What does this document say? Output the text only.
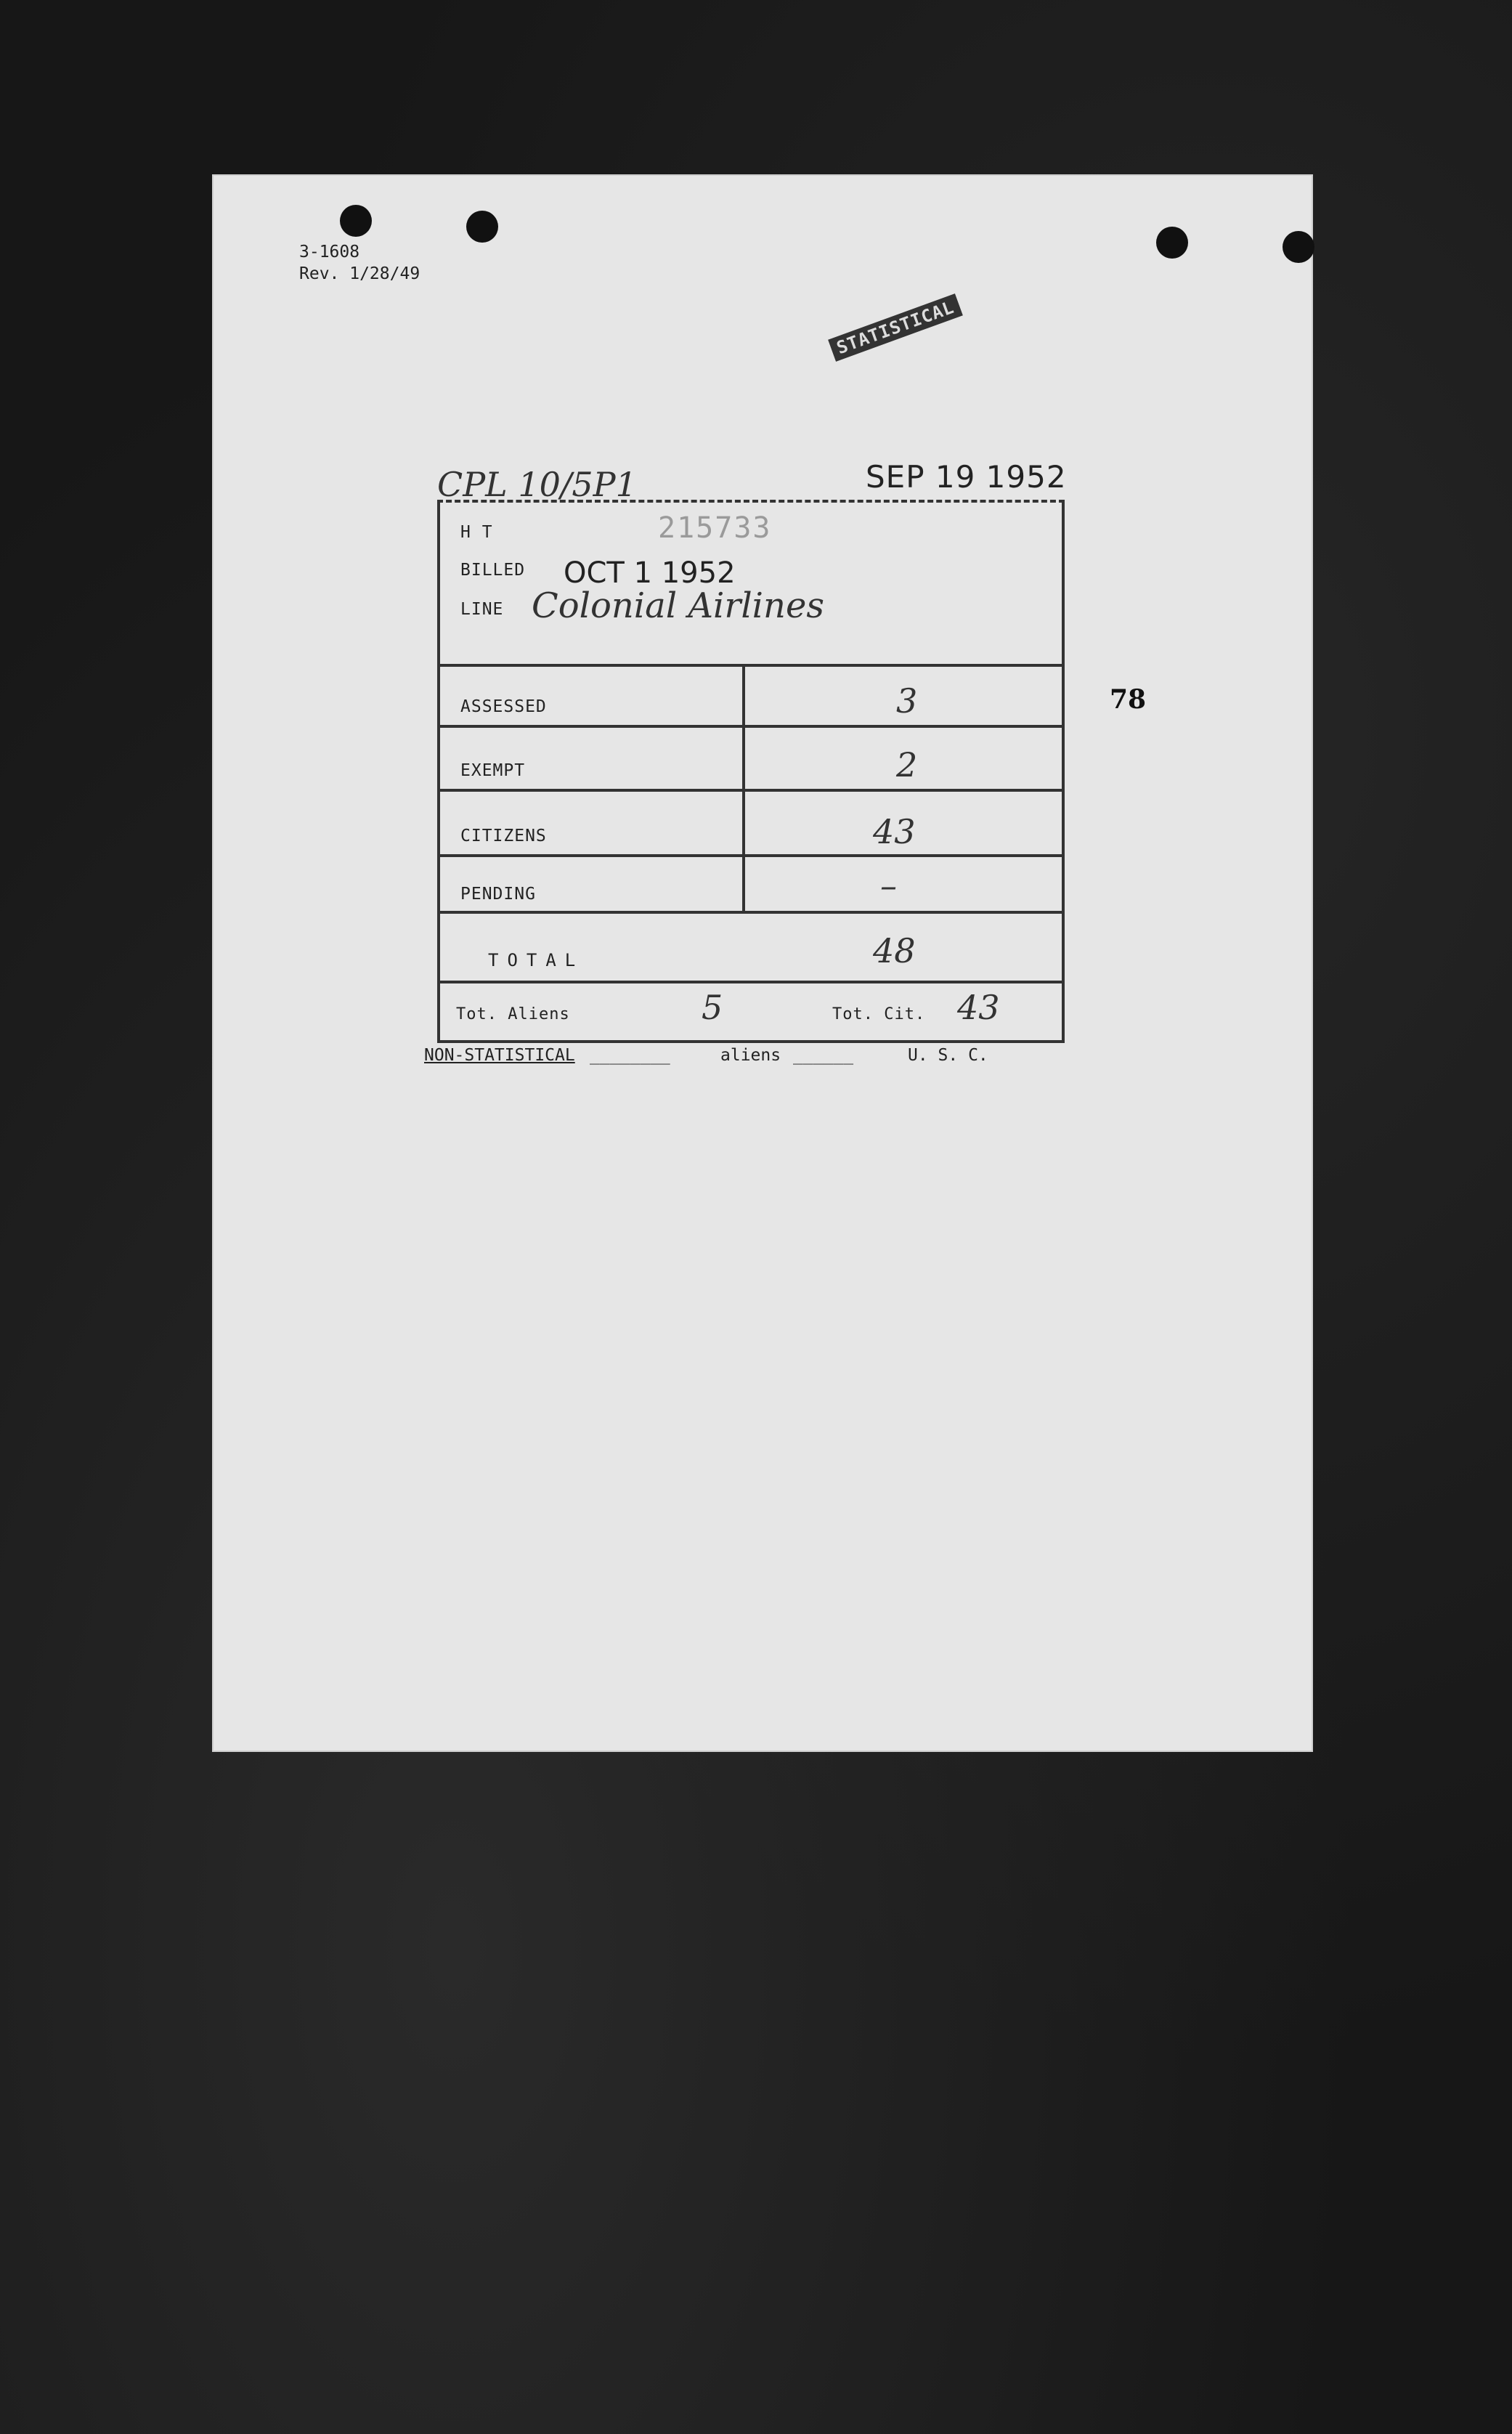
3-1608
Rev. 1/28/49
STATISTICAL
CPL 10/5P1	SEP 19 1952
H T	215733
BILLED OCT 1 1952
LINE Colonial Airlines
ASSESSED	3
EXEMPT	2
CITIZENS	43
PENDING	–
TOTAL	48
Tot. Aliens	5	Tot. Cit. 43
78
NON-STATISTICAL ________	aliens ______	U. S. C.
